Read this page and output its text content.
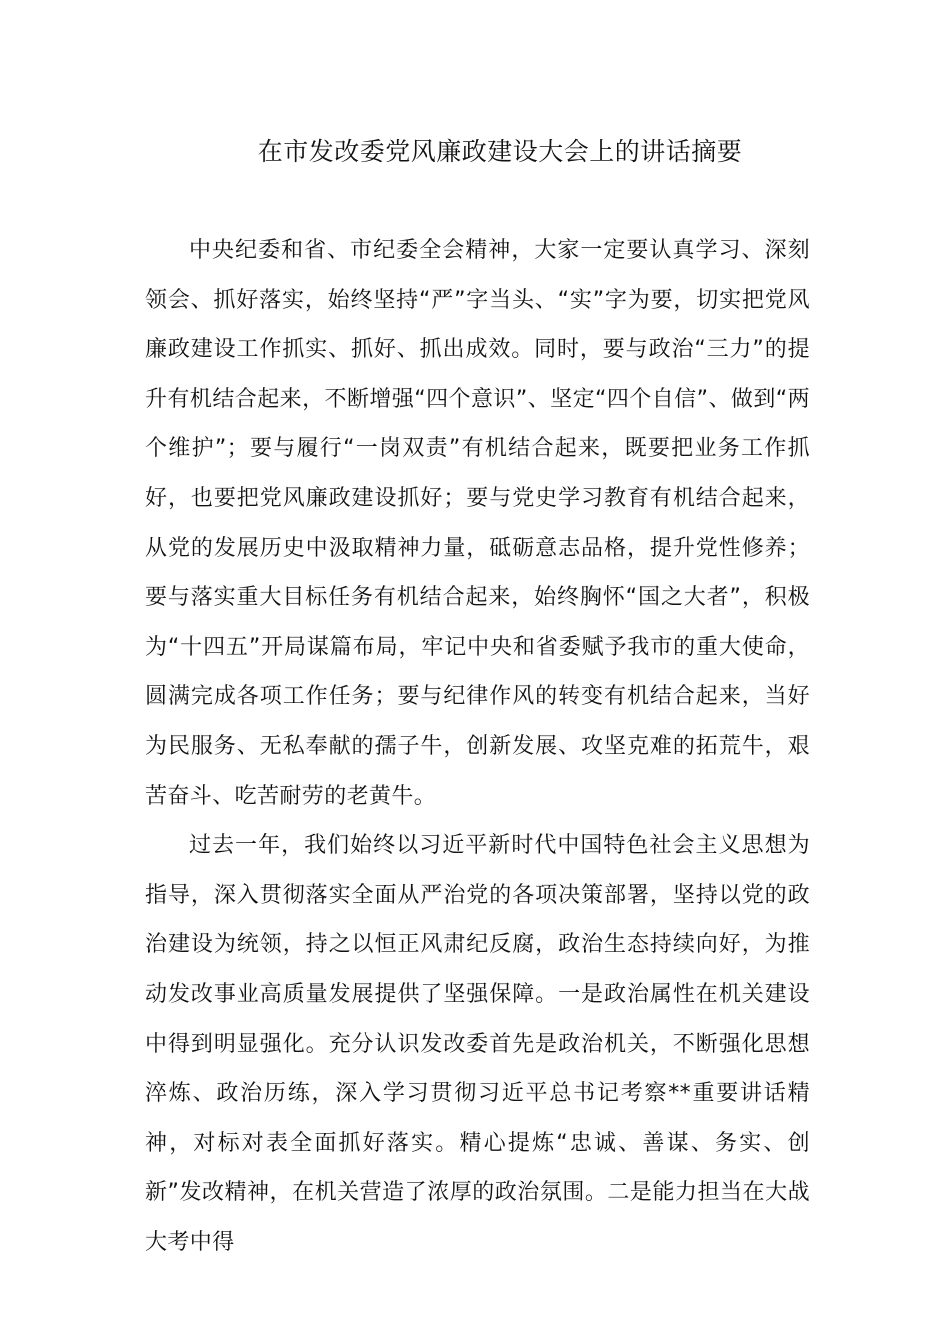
在市发改委党风廉政建设大会上的讲话摘要

中央纪委和省、市纪委全会精神，大家一定要认真学习、深刻领会、抓好落实，始终坚持“严”字当头、“实”字为要，切实把党风廉政建设工作抓实、抓好、抓出成效。同时，要与政治“三力”的提升有机结合起来，不断增强“四个意识”、坚定“四个自信”、做到“两个维护”；要与履行“一岗双责”有机结合起来，既要把业务工作抓好，也要把党风廉政建设抓好；要与党史学习教育有机结合起来，从党的发展历史中汲取精神力量，砥砺意志品格，提升党性修养；要与落实重大目标任务有机结合起来，始终胸怀“国之大者”，积极为“十四五”开局谋篇布局，牢记中央和省委赋予我市的重大使命，圆满完成各项工作任务；要与纪律作风的转变有机结合起来，当好为民服务、无私奉献的孺子牛，创新发展、攻坚克难的拓荒牛，艰苦奋斗、吃苦耐劳的老黄牛。

过去一年，我们始终以习近平新时代中国特色社会主义思想为指导，深入贯彻落实全面从严治党的各项决策部署，坚持以党的政治建设为统领，持之以恒正风肃纪反腐，政治生态持续向好，为推动发改事业高质量发展提供了坚强保障。一是政治属性在机关建设中得到明显强化。充分认识发改委首先是政治机关，不断强化思想淬炼、政治历练，深入学习贯彻习近平总书记考察**重要讲话精神，对标对表全面抓好落实。精心提炼“忠诚、善谋、务实、创新”发改精神，在机关营造了浓厚的政治氛围。二是能力担当在大战大考中得
